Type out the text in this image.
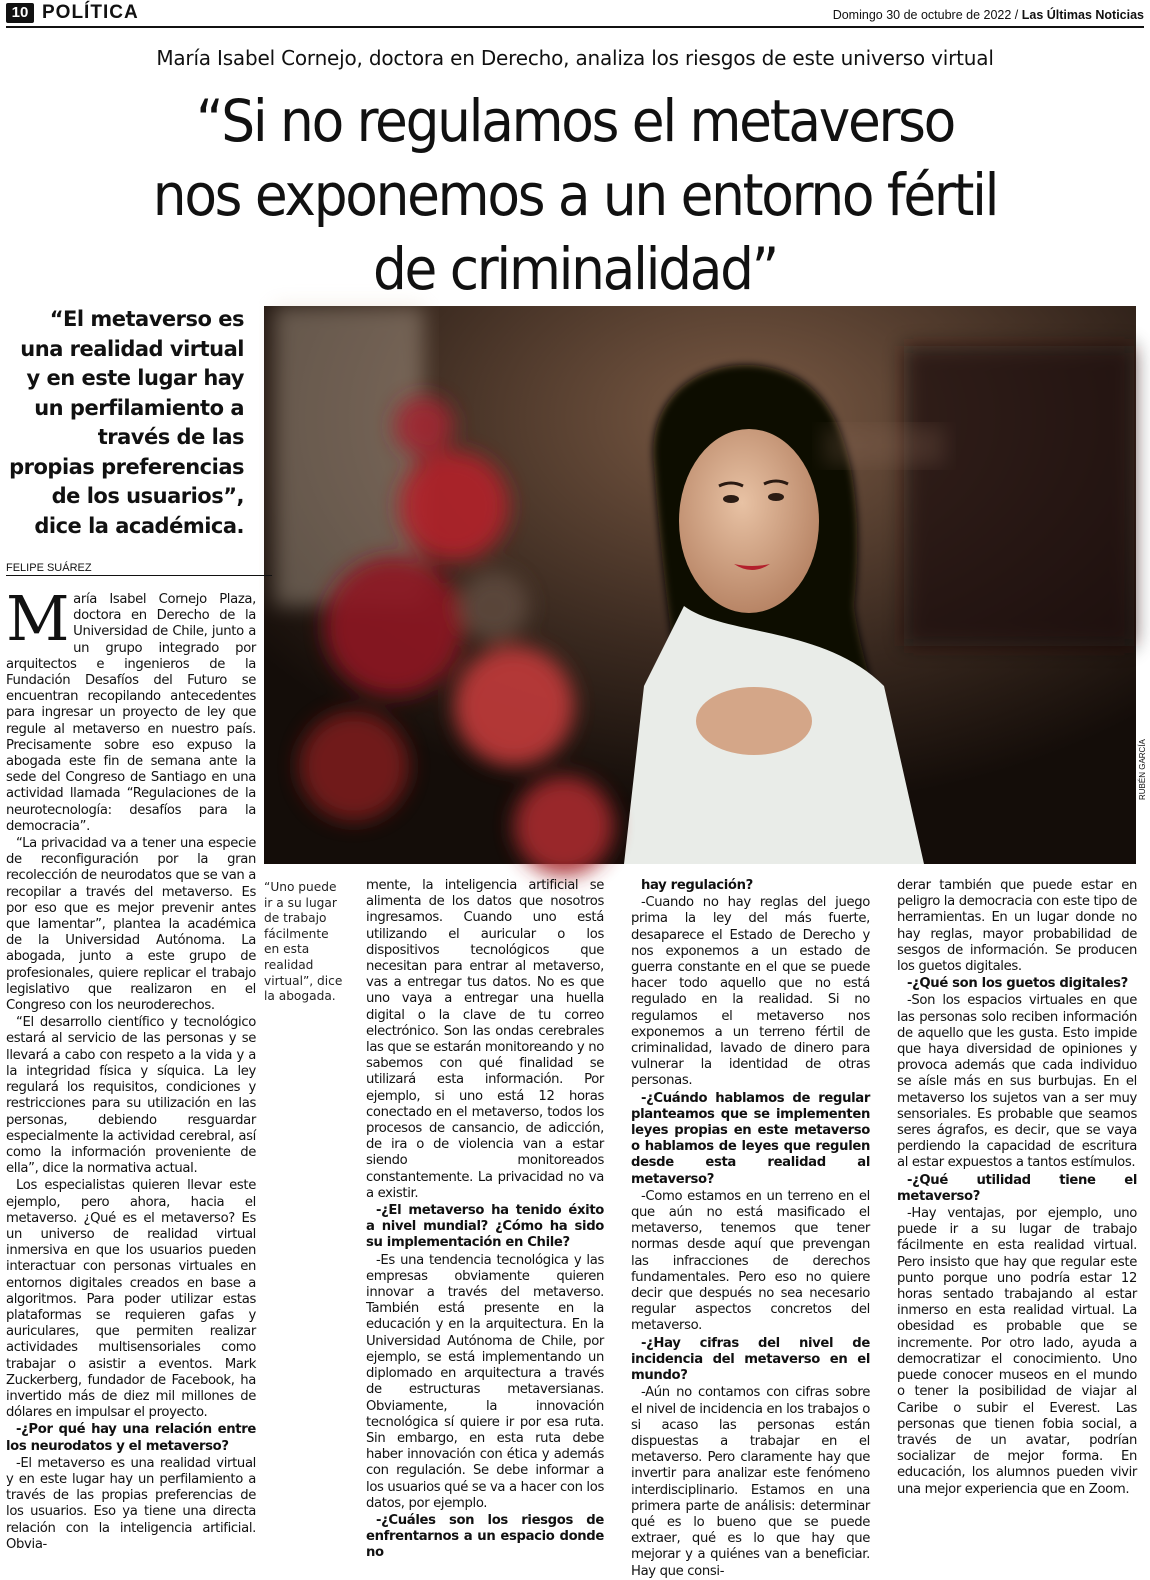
10 POLÍTICA	Domingo 30 de octubre de 2022 / Las Últimas Noticias
María Isabel Cornejo, doctora en Derecho, analiza los riesgos de este universo virtual
“Si no regulamos el metaverso
nos exponemos a un entorno fértil
de criminalidad”
“El metaverso es una realidad virtual y en este lugar hay un perfilamiento a través de las propias preferencias de los usuarios”, dice la académica.
RUBÉN GARCÍA
FELIPE SUÁREZ

María Isabel Cornejo Plaza, doctora en Derecho de la Universidad de Chile, junto a un grupo integrado por arquitectos e ingenieros de la Fundación Desafíos del Futuro se encuentran recopilando antecedentes para ingresar un proyecto de ley que regule al metaverso en nuestro país. Precisamente sobre eso expuso la abogada este fin de semana ante la sede del Congreso de Santiago en una actividad llamada “Regulaciones de la neurotecnología: desafíos para la democracia”.

“La privacidad va a tener una especie de reconfiguración por la gran recolección de neurodatos que se van a recopilar a través del metaverso. Es por eso que es mejor prevenir antes que lamentar”, plantea la académica de la Universidad Autónoma. La abogada, junto a este grupo de profesionales, quiere replicar el trabajo legislativo que realizaron en el Congreso con los neuroderechos.

“El desarrollo científico y tecnológico estará al servicio de las personas y se llevará a cabo con respeto a la vida y a la integridad física y síquica. La ley regulará los requisitos, condiciones y restricciones para su utilización en las personas, debiendo resguardar especialmente la actividad cerebral, así como la información proveniente de ella”, dice la normativa actual.

Los especialistas quieren llevar este ejemplo, pero ahora, hacia el metaverso. ¿Qué es el metaverso? Es un universo de realidad virtual inmersiva en que los usuarios pueden interactuar con personas virtuales en entornos digitales creados en base a algoritmos. Para poder utilizar estas plataformas se requieren gafas y auriculares, que permiten realizar actividades multisensoriales como trabajar o asistir a eventos. Mark Zuckerberg, fundador de Facebook, ha invertido más de diez mil millones de dólares en impulsar el proyecto.

-¿Por qué hay una relación entre los neurodatos y el metaverso?

-El metaverso es una realidad virtual y en este lugar hay un perfilamiento a través de las propias preferencias de los usuarios. Eso ya tiene una directa relación con la inteligencia artificial. Obvia-

“Uno puede ir a su lugar de trabajo fácilmente en esta realidad virtual”, dice la abogada.

mente, la inteligencia artificial se alimenta de los datos que nosotros ingresamos. Cuando uno está utilizando el auricular o los dispositivos tecnológicos que necesitan para entrar al metaverso, vas a entregar tus datos. No es que uno vaya a entregar una huella digital o la clave de tu correo electrónico. Son las ondas cerebrales las que se estarán monitoreando y no sabemos con qué finalidad se utilizará esta información. Por ejemplo, si uno está 12 horas conectado en el metaverso, todos los procesos de cansancio, de adicción, de ira o de violencia van a estar siendo monitoreados constantemente. La privacidad no va a existir.

-¿El metaverso ha tenido éxito a nivel mundial? ¿Cómo ha sido su implementación en Chile?

-Es una tendencia tecnológica y las empresas obviamente quieren innovar a través del metaverso. También está presente en la educación y en la arquitectura. En la Universidad Autónoma de Chile, por ejemplo, se está implementando un diplomado en arquitectura a través de estructuras metaversianas. Obviamente, la innovación tecnológica sí quiere ir por esa ruta. Sin embargo, en esta ruta debe haber innovación con ética y además con regulación. Se debe informar a los usuarios qué se va a hacer con los datos, por ejemplo.

-¿Cuáles son los riesgos de enfrentarnos a un espacio donde no

hay regulación?

-Cuando no hay reglas del juego prima la ley del más fuerte, desaparece el Estado de Derecho y nos exponemos a un estado de guerra constante en el que se puede hacer todo aquello que no está regulado en la realidad. Si no regulamos el metaverso nos exponemos a un terreno fértil de criminalidad, lavado de dinero para vulnerar la identidad de otras personas.

-¿Cuándo hablamos de regular planteamos que se implementen leyes propias en este metaverso o hablamos de leyes que regulen desde esta realidad al metaverso?

-Como estamos en un terreno en el que aún no está masificado el metaverso, tenemos que tener normas desde aquí que prevengan las infracciones de derechos fundamentales. Pero eso no quiere decir que después no sea necesario regular aspectos concretos del metaverso.

-¿Hay cifras del nivel de incidencia del metaverso en el mundo?

-Aún no contamos con cifras sobre el nivel de incidencia en los trabajos o si acaso las personas están dispuestas a trabajar en el metaverso. Pero claramente hay que invertir para analizar este fenómeno interdisciplinario. Estamos en una primera parte de análisis: determinar qué es lo bueno que se puede extraer, qué es lo que hay que mejorar y a quiénes van a beneficiar. Hay que consi-

derar también que puede estar en peligro la democracia con este tipo de herramientas. En un lugar donde no hay reglas, mayor probabilidad de sesgos de información. Se producen los guetos digitales.

-¿Qué son los guetos digitales?

-Son los espacios virtuales en que las personas solo reciben información de aquello que les gusta. Esto impide que haya diversidad de opiniones y provoca además que cada individuo se aísle más en sus burbujas. En el metaverso los sujetos van a ser muy sensoriales. Es probable que seamos seres ágrafos, es decir, que se vaya perdiendo la capacidad de escritura al estar expuestos a tantos estímulos.

-¿Qué utilidad tiene el metaverso?

-Hay ventajas, por ejemplo, uno puede ir a su lugar de trabajo fácilmente en esta realidad virtual. Pero insisto que hay que regular este punto porque uno podría estar 12 horas sentado trabajando al estar inmerso en esta realidad virtual. La obesidad es probable que se incremente. Por otro lado, ayuda a democratizar el conocimiento. Uno puede conocer museos en el mundo o tener la posibilidad de viajar al Caribe o subir el Everest. Las personas que tienen fobia social, a través de un avatar, podrían socializar de mejor forma. En educación, los alumnos pueden vivir una mejor experiencia que en Zoom.
